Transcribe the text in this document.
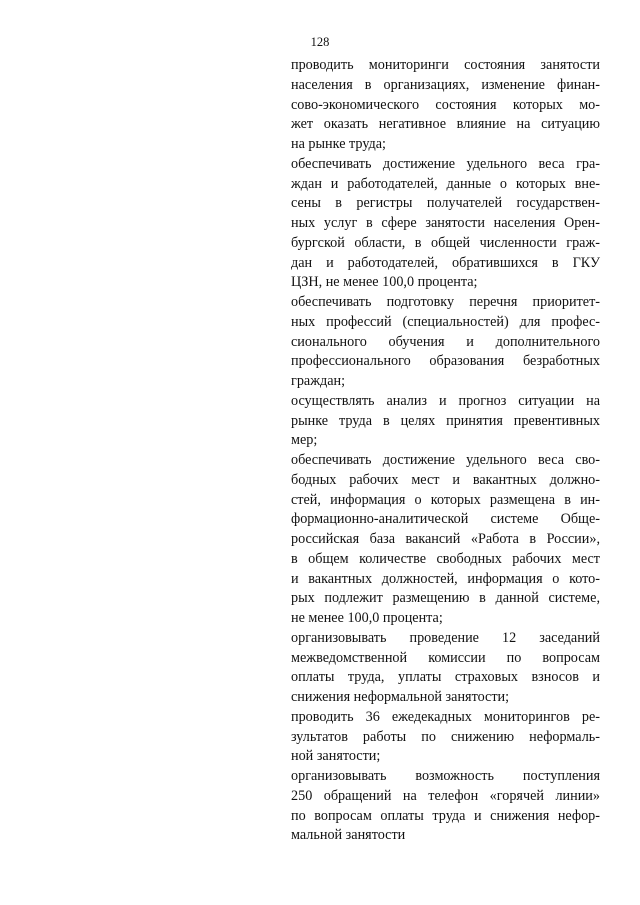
128
проводить мониторинги состояния занятости
населения в организациях, изменение финан-
сово-экономического состояния которых мо-
жет оказать негативное влияние на ситуацию
на рынке труда;
обеспечивать достижение удельного веса гра-
ждан и работодателей, данные о которых вне-
сены в регистры получателей государствен-
ных услуг в сфере занятости населения Орен-
бургской области, в общей численности граж-
дан и работодателей, обратившихся в ГКУ
ЦЗН, не менее 100,0 процента;
обеспечивать подготовку перечня приоритет-
ных профессий (специальностей) для профес-
сионального обучения и дополнительного
профессионального образования безработных
граждан;
осуществлять анализ и прогноз ситуации на
рынке труда в целях принятия превентивных
мер;
обеспечивать достижение удельного веса сво-
бодных рабочих мест и вакантных должно-
стей, информация о которых размещена в ин-
формационно-аналитической системе Обще-
российская база вакансий «Работа в России»,
в общем количестве свободных рабочих мест
и вакантных должностей, информация о кото-
рых подлежит размещению в данной системе,
не менее 100,0 процента;
организовывать проведение 12 заседаний
межведомственной комиссии по вопросам
оплаты труда, уплаты страховых взносов и
снижения неформальной занятости;
проводить 36 ежедекадных мониторингов ре-
зультатов работы по снижению неформаль-
ной занятости;
организовывать возможность поступления
250 обращений на телефон «горячей линии»
по вопросам оплаты труда и снижения нефор-
мальной занятости
